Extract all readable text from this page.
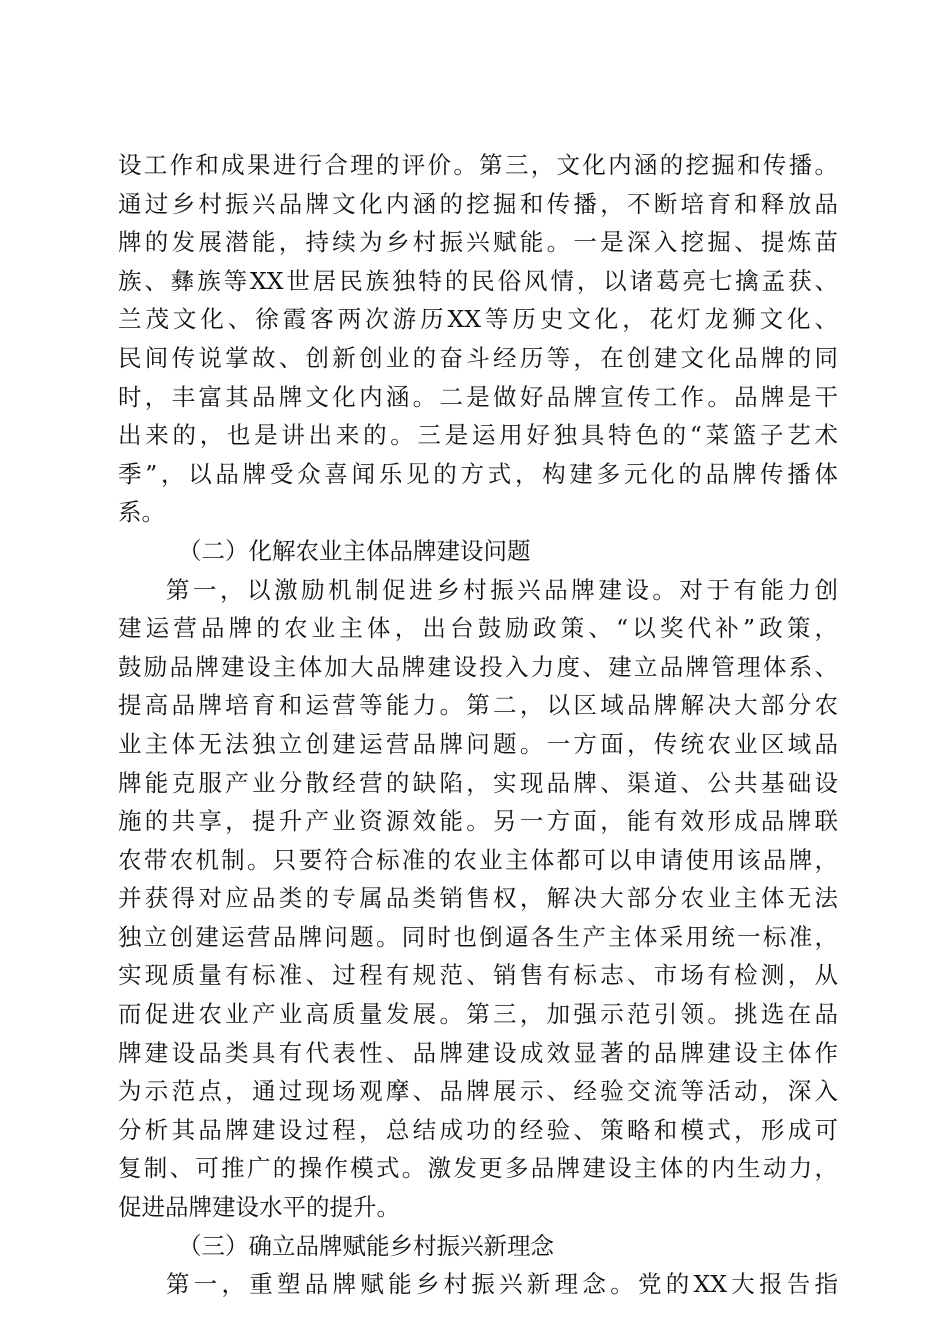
设工作和成果进行合理的评价。第三，文化内涵的挖掘和传播。
通过乡村振兴品牌文化内涵的挖掘和传播，不断培育和释放品
牌的发展潜能，持续为乡村振兴赋能。一是深入挖掘、提炼苗
族、彝族等XX世居民族独特的民俗风情，以诸葛亮七擒孟获、
兰茂文化、徐霞客两次游历XX等历史文化，花灯龙狮文化、
民间传说掌故、创新创业的奋斗经历等，在创建文化品牌的同
时，丰富其品牌文化内涵。二是做好品牌宣传工作。品牌是干
出来的，也是讲出来的。三是运用好独具特色的“菜篮子艺术
季”，以品牌受众喜闻乐见的方式，构建多元化的品牌传播体
系。
（二）化解农业主体品牌建设问题
第一，以激励机制促进乡村振兴品牌建设。对于有能力创
建运营品牌的农业主体，出台鼓励政策、“以奖代补”政策，
鼓励品牌建设主体加大品牌建设投入力度、建立品牌管理体系、
提高品牌培育和运营等能力。第二，以区域品牌解决大部分农
业主体无法独立创建运营品牌问题。一方面，传统农业区域品
牌能克服产业分散经营的缺陷，实现品牌、渠道、公共基础设
施的共享，提升产业资源效能。另一方面，能有效形成品牌联
农带农机制。只要符合标准的农业主体都可以申请使用该品牌，
并获得对应品类的专属品类销售权，解决大部分农业主体无法
独立创建运营品牌问题。同时也倒逼各生产主体采用统一标准，
实现质量有标准、过程有规范、销售有标志、市场有检测，从
而促进农业产业高质量发展。第三，加强示范引领。挑选在品
牌建设品类具有代表性、品牌建设成效显著的品牌建设主体作
为示范点，通过现场观摩、品牌展示、经验交流等活动，深入
分析其品牌建设过程，总结成功的经验、策略和模式，形成可
复制、可推广的操作模式。激发更多品牌建设主体的内生动力，
促进品牌建设水平的提升。
（三）确立品牌赋能乡村振兴新理念
第一，重塑品牌赋能乡村振兴新理念。党的XX大报告指
